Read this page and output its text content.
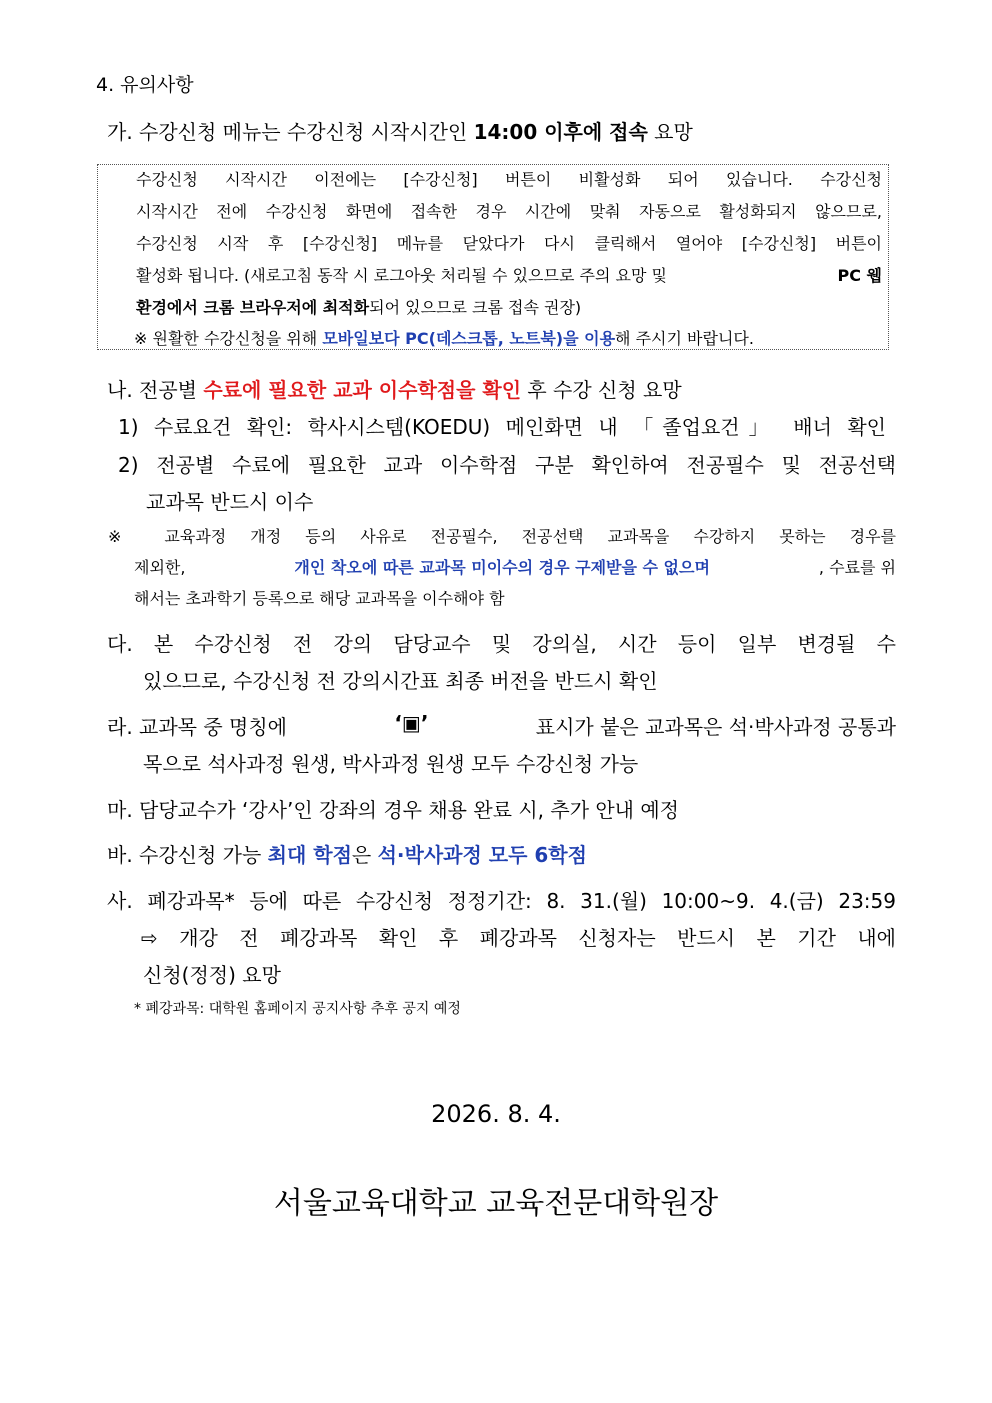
4. 유의사항
가. 수강신청 메뉴는 수강신청 시작시간인 14:00 이후에 접속 요망
수강신청 시작시간 이전에는 [수강신청] 버튼이 비활성화 되어 있습니다. 수강신청
시작시간 전에 수강신청 화면에 접속한 경우 시간에 맞춰 자동으로 활성화되지 않으므로,
수강신청 시작 후 [수강신청] 메뉴를 닫았다가 다시 클릭해서 열어야 [수강신청] 버튼이
활성화 됩니다. (새로고침 동작 시 로그아웃 처리될 수 있으므로 주의 요망 및	PC 웹
환경에서 크롬 브라우저에 최적화되어 있으므로 크롬 접속 권장)
※ 원활한 수강신청을 위해 모바일보다 PC(데스크톱, 노트북)을 이용해 주시기 바랍니다.
나. 전공별 수료에 필요한 교과 이수학점을 확인 후 수강 신청 요망
1) 수료요건 확인: 학사시스템(KOEDU) 메인화면 내 「졸업요건」 배너 확인
2) 전공별 수료에 필요한 교과 이수학점 구분 확인하여 전공필수 및 전공선택
교과목 반드시 이수
※ 교육과정 개정 등의 사유로 전공필수, 전공선택 교과목을 수강하지 못하는 경우를
제외한,	개인 착오에 따른 교과목 미이수의 경우 구제받을 수 없으며	, 수료를 위
해서는 초과학기 등록으로 해당 교과목을 이수해야 함
다. 본 수강신청 전 강의 담당교수 및 강의실, 시간 등이 일부 변경될 수
있으므로, 수강신청 전 강의시간표 최종 버전을 반드시 확인
라. 교과목 중 명칭에	‘▣’	표시가 붙은 교과목은 석·박사과정 공통과
목으로 석사과정 원생, 박사과정 원생 모두 수강신청 가능
마. 담당교수가 ‘강사’인 강좌의 경우 채용 완료 시, 추가 안내 예정
바. 수강신청 가능 최대 학점은 석·박사과정 모두 6학점
사. 폐강과목* 등에 따른 수강신청 정정기간: 8. 31.(월) 10:00~9. 4.(금) 23:59
⇨ 개강 전 폐강과목 확인 후 폐강과목 신청자는 반드시 본 기간 내에
신청(정정) 요망
* 폐강과목: 대학원 홈페이지 공지사항 추후 공지 예정
2026. 8. 4.
서울교육대학교 교육전문대학원장
